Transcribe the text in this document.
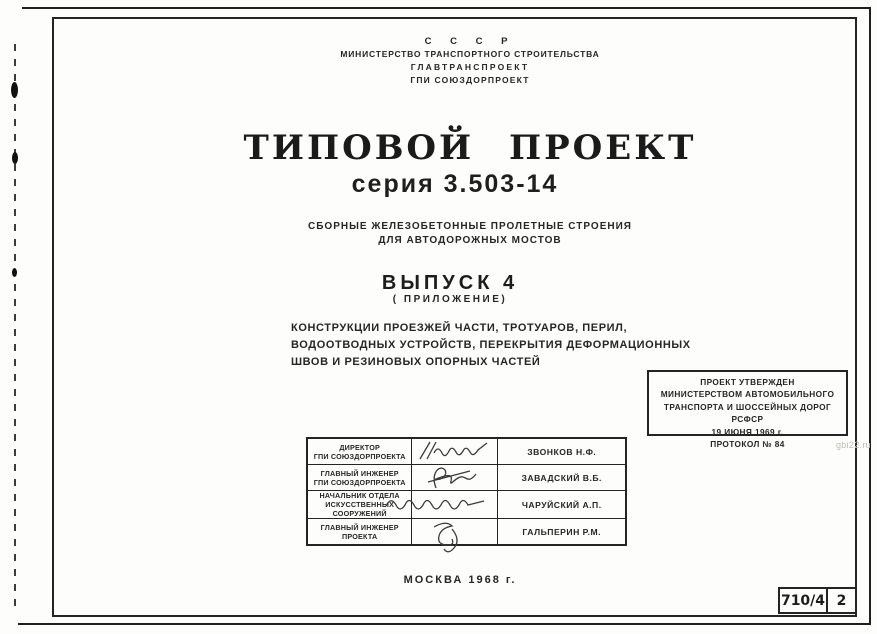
С С С Р
МИНИСТЕРСТВО ТРАНСПОРТНОГО СТРОИТЕЛЬСТВА
ГЛАВТРАНСПРОЕКТ
ГПИ СОЮЗДОРПРОЕКТ
ТИПОВОЙ ПРОЕКТ
серия 3.503-14
СБОРНЫЕ ЖЕЛЕЗОБЕТОННЫЕ ПРОЛЕТНЫЕ СТРОЕНИЯ
ДЛЯ АВТОДОРОЖНЫХ МОСТОВ
ВЫПУСК 4
( ПРИЛОЖЕНИЕ)
КОНСТРУКЦИИ ПРОЕЗЖЕЙ ЧАСТИ, ТРОТУАРОВ, ПЕРИЛ,
ВОДООТВОДНЫХ УСТРОЙСТВ, ПЕРЕКРЫТИЯ ДЕФОРМАЦИОННЫХ
ШВОВ И РЕЗИНОВЫХ ОПОРНЫХ ЧАСТЕЙ
ПРОЕКТ УТВЕРЖДЕН
МИНИСТЕРСТВОМ АВТОМОБИЛЬНОГО
ТРАНСПОРТА И ШОССЕЙНЫХ ДОРОГ РСФСР
19 ИЮНЯ 1969 г.
ПРОТОКОЛ № 84
ДИРЕКТОР
ГПИ СОЮЗДОРПРОЕКТА		ЗВОНКОВ Н.Ф.

ГЛАВНЫЙ ИНЖЕНЕР
ГПИ СОЮЗДОРПРОЕКТА		ЗАВАДСКИЙ В.Б.

НАЧАЛЬНИК ОТДЕЛА
ИСКУССТВЕННЫХ СООРУЖЕНИЙ		ЧАРУЙСКИЙ А.П.

ГЛАВНЫЙ ИНЖЕНЕР
ПРОЕКТА		ГАЛЬПЕРИН Р.М.
МОСКВА 1968 г.
710/4 2
gbi22.ru
